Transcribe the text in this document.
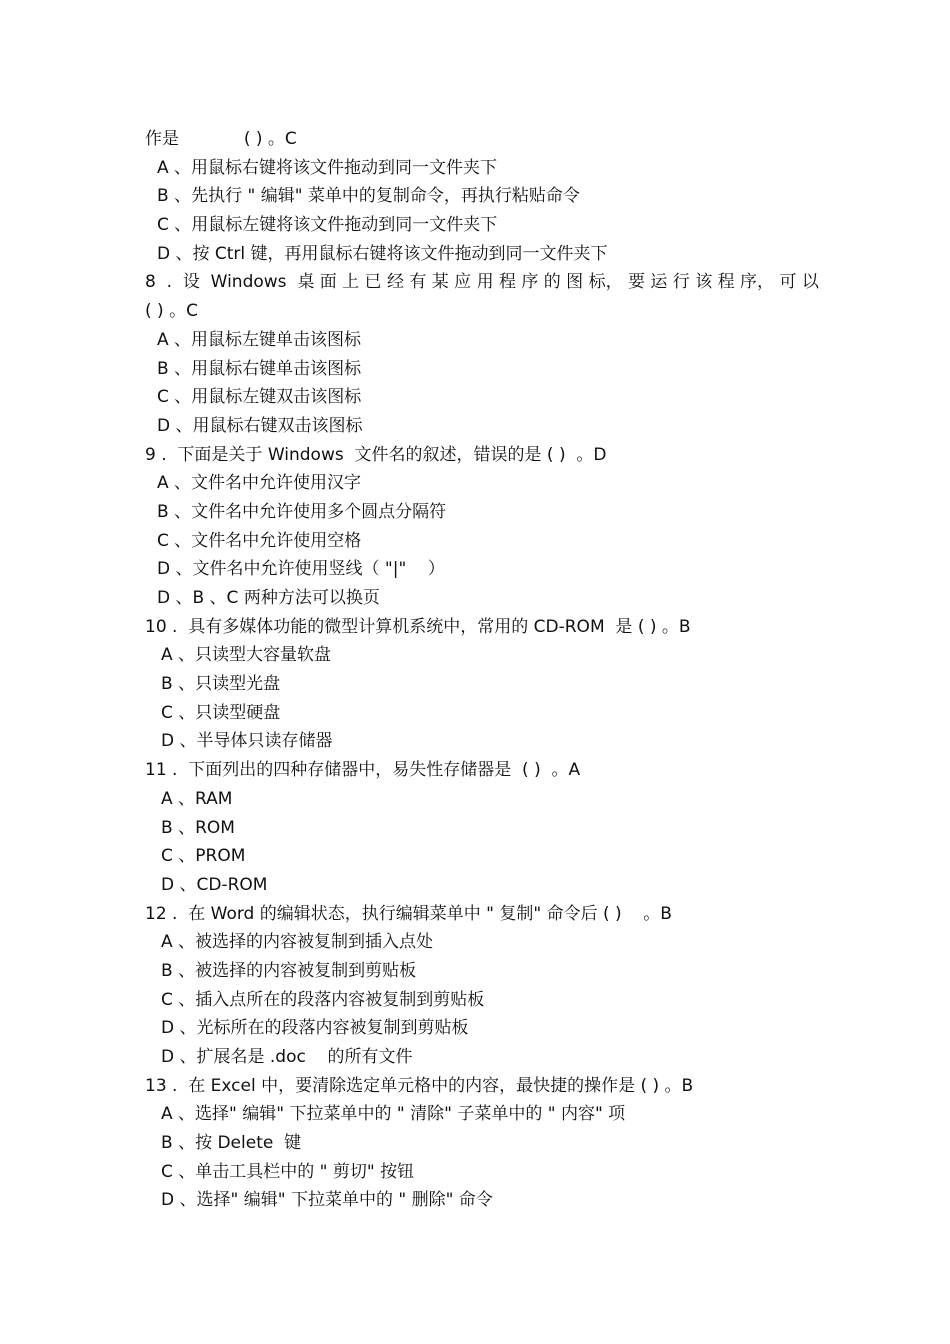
作是            ( ) 。C
A 、用鼠标右键将该文件拖动到同一文件夹下
B 、先执行 " 编辑" 菜单中的复制命令，再执行粘贴命令
C 、用鼠标左键将该文件拖动到同一文件夹下
D 、按 Ctrl 键，再用鼠标右键将该文件拖动到同一文件夹下
8  .  设  Windows  桌 面 上 已 经 有 某 应 用 程 序 的 图 标， 要 运 行 该 程 序， 可 以
( ) 。C
A 、用鼠标左键单击该图标
B 、用鼠标右键单击该图标
C 、用鼠标左键双击该图标
D 、用鼠标右键双击该图标
9 .  下面是关于 Windows  文件名的叙述，错误的是 ( )  。D
A 、文件名中允许使用汉字
B 、文件名中允许使用多个圆点分隔符
C 、文件名中允许使用空格
D 、文件名中允许使用竖线（ "|"    ）
D 、B 、C 两种方法可以换页
10 .  具有多媒体功能的微型计算机系统中，常用的 CD-ROM  是 ( ) 。B
A 、只读型大容量软盘
B 、只读型光盘
C 、只读型硬盘
D 、半导体只读存储器
11 .  下面列出的四种存储器中，易失性存储器是  ( )  。A
A 、RAM
B 、ROM
C 、PROM
D 、CD-ROM
12 .  在 Word 的编辑状态，执行编辑菜单中 " 复制" 命令后 ( )    。B
A 、被选择的内容被复制到插入点处
B 、被选择的内容被复制到剪贴板
C 、插入点所在的段落内容被复制到剪贴板
D 、光标所在的段落内容被复制到剪贴板
D 、扩展名是 .doc    的所有文件
13 .  在 Excel 中，要清除选定单元格中的内容，最快捷的操作是 ( ) 。B
A 、选择" 编辑" 下拉菜单中的 " 清除" 子菜单中的 " 内容" 项
B 、按 Delete  键
C 、单击工具栏中的 " 剪切" 按钮
D 、选择" 编辑" 下拉菜单中的 " 删除" 命令
